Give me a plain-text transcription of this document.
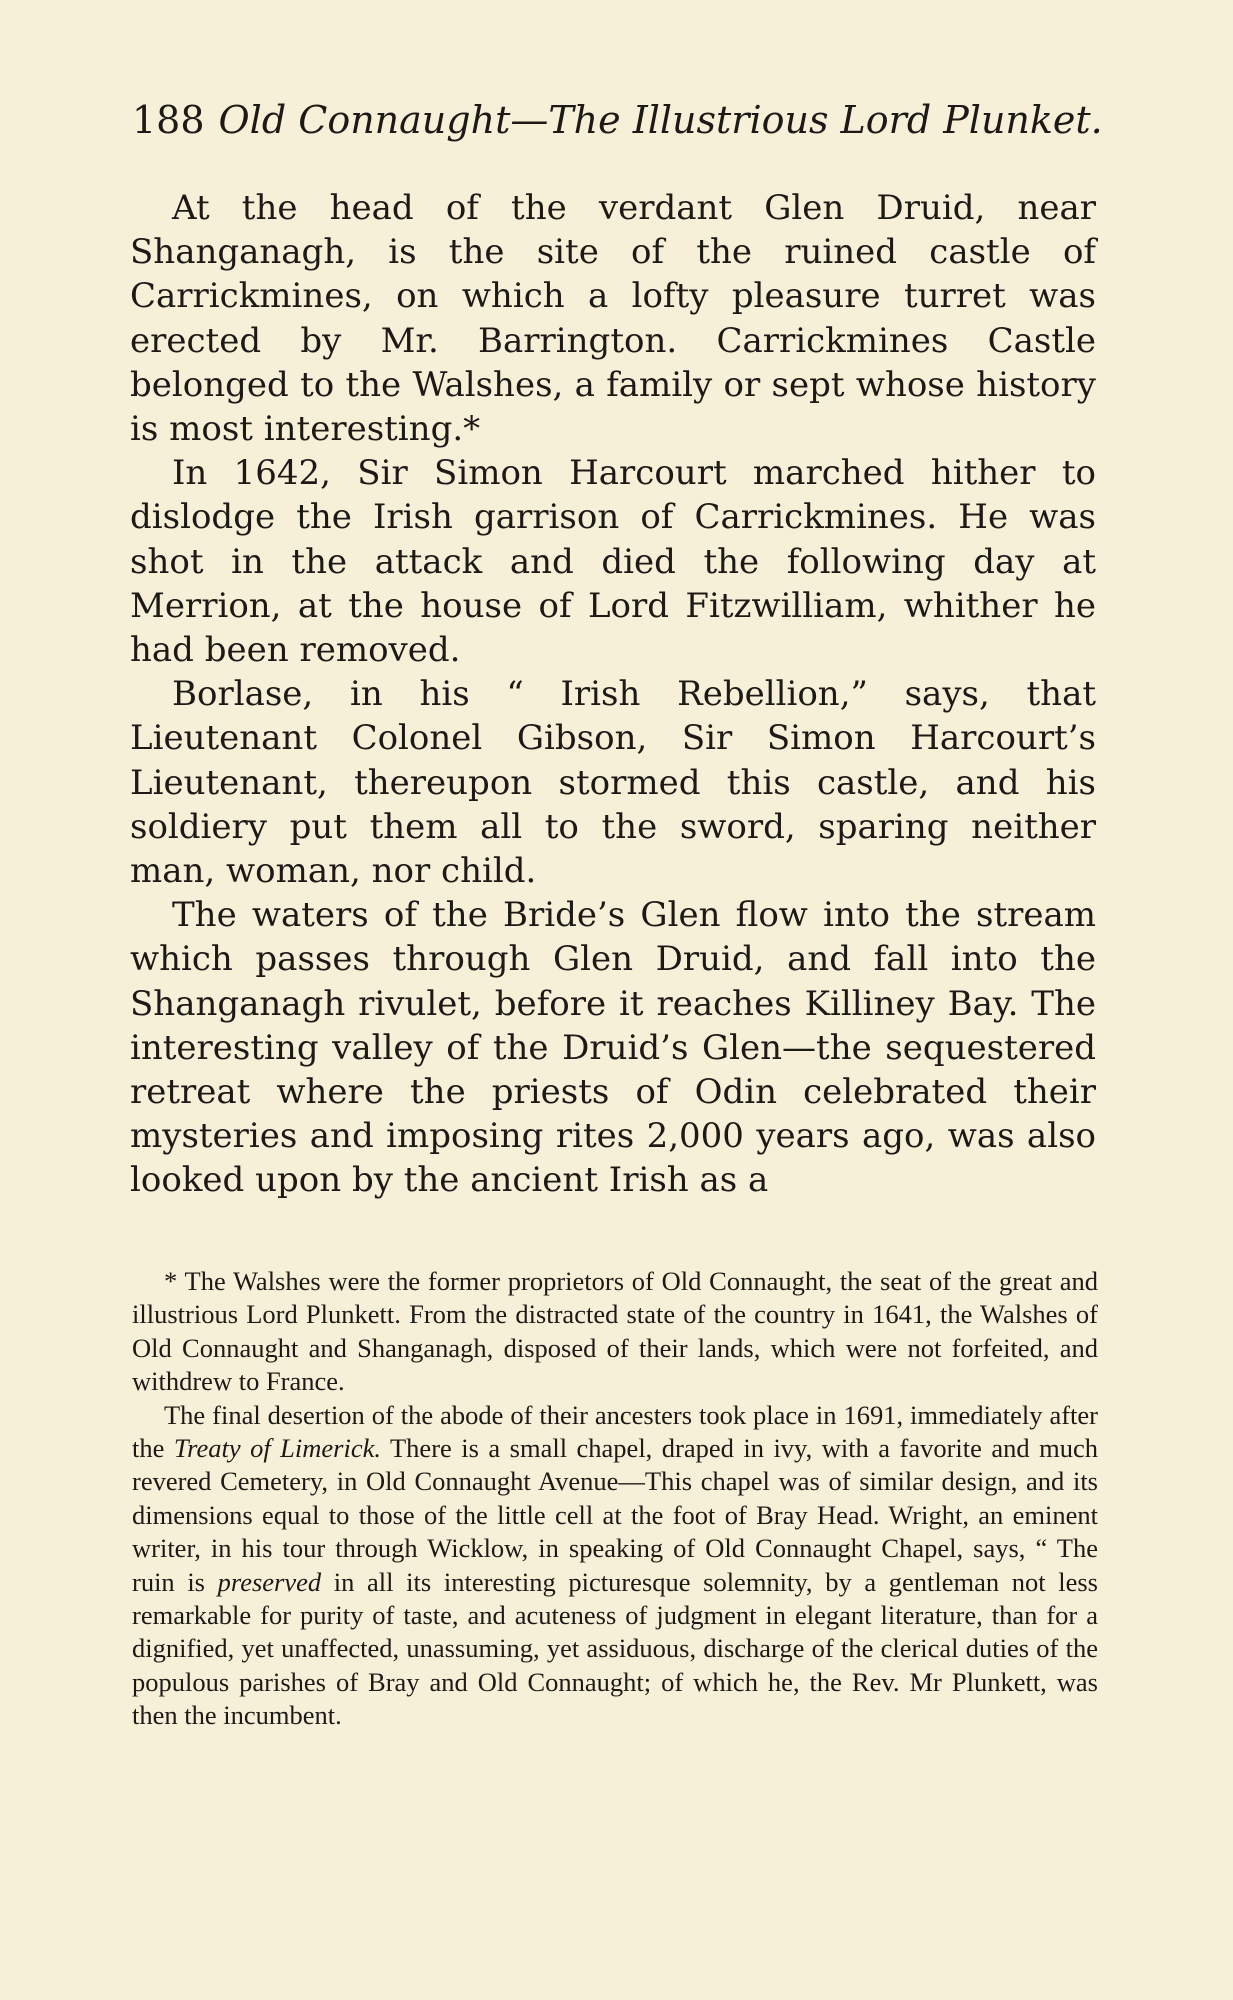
188 Old Connaught—The Illustrious Lord Plunket.

At the head of the verdant Glen Druid, near Shanganagh, is the site of the ruined castle of Carrickmines, on which a lofty pleasure turret was erected by Mr. Barrington. Carrickmines Castle belonged to the Walshes, a family or sept whose history is most interesting.*

In 1642, Sir Simon Harcourt marched hither to dislodge the Irish garrison of Carrickmines. He was shot in the attack and died the following day at Merrion, at the house of Lord Fitzwilliam, whither he had been removed.

Borlase, in his “ Irish Rebellion,” says, that Lieutenant Colonel Gibson, Sir Simon Harcourt’s Lieutenant, thereupon stormed this castle, and his soldiery put them all to the sword, sparing neither man, woman, nor child.

The waters of the Bride’s Glen flow into the stream which passes through Glen Druid, and fall into the Shanganagh rivulet, before it reaches Killiney Bay. The interesting valley of the Druid’s Glen—the sequestered retreat where the priests of Odin celebrated their mysteries and imposing rites 2,000 years ago, was also looked upon by the ancient Irish as a

* The Walshes were the former proprietors of Old Connaught, the seat of the great and illustrious Lord Plunkett. From the distracted state of the country in 1641, the Walshes of Old Connaught and Shanganagh, disposed of their lands, which were not forfeited, and withdrew to France.

The final desertion of the abode of their ancesters took place in 1691, immediately after the Treaty of Limerick. There is a small chapel, draped in ivy, with a favorite and much revered Cemetery, in Old Connaught Avenue—This chapel was of similar design, and its dimensions equal to those of the little cell at the foot of Bray Head. Wright, an eminent writer, in his tour through Wicklow, in speaking of Old Connaught Chapel, says, “ The ruin is preserved in all its interesting picturesque solemnity, by a gentleman not less remarkable for purity of taste, and acuteness of judgment in elegant literature, than for a dignified, yet unaffected, unassuming, yet assiduous, discharge of the clerical duties of the populous parishes of Bray and Old Connaught; of which he, the Rev. Mr Plunkett, was then the incumbent.
